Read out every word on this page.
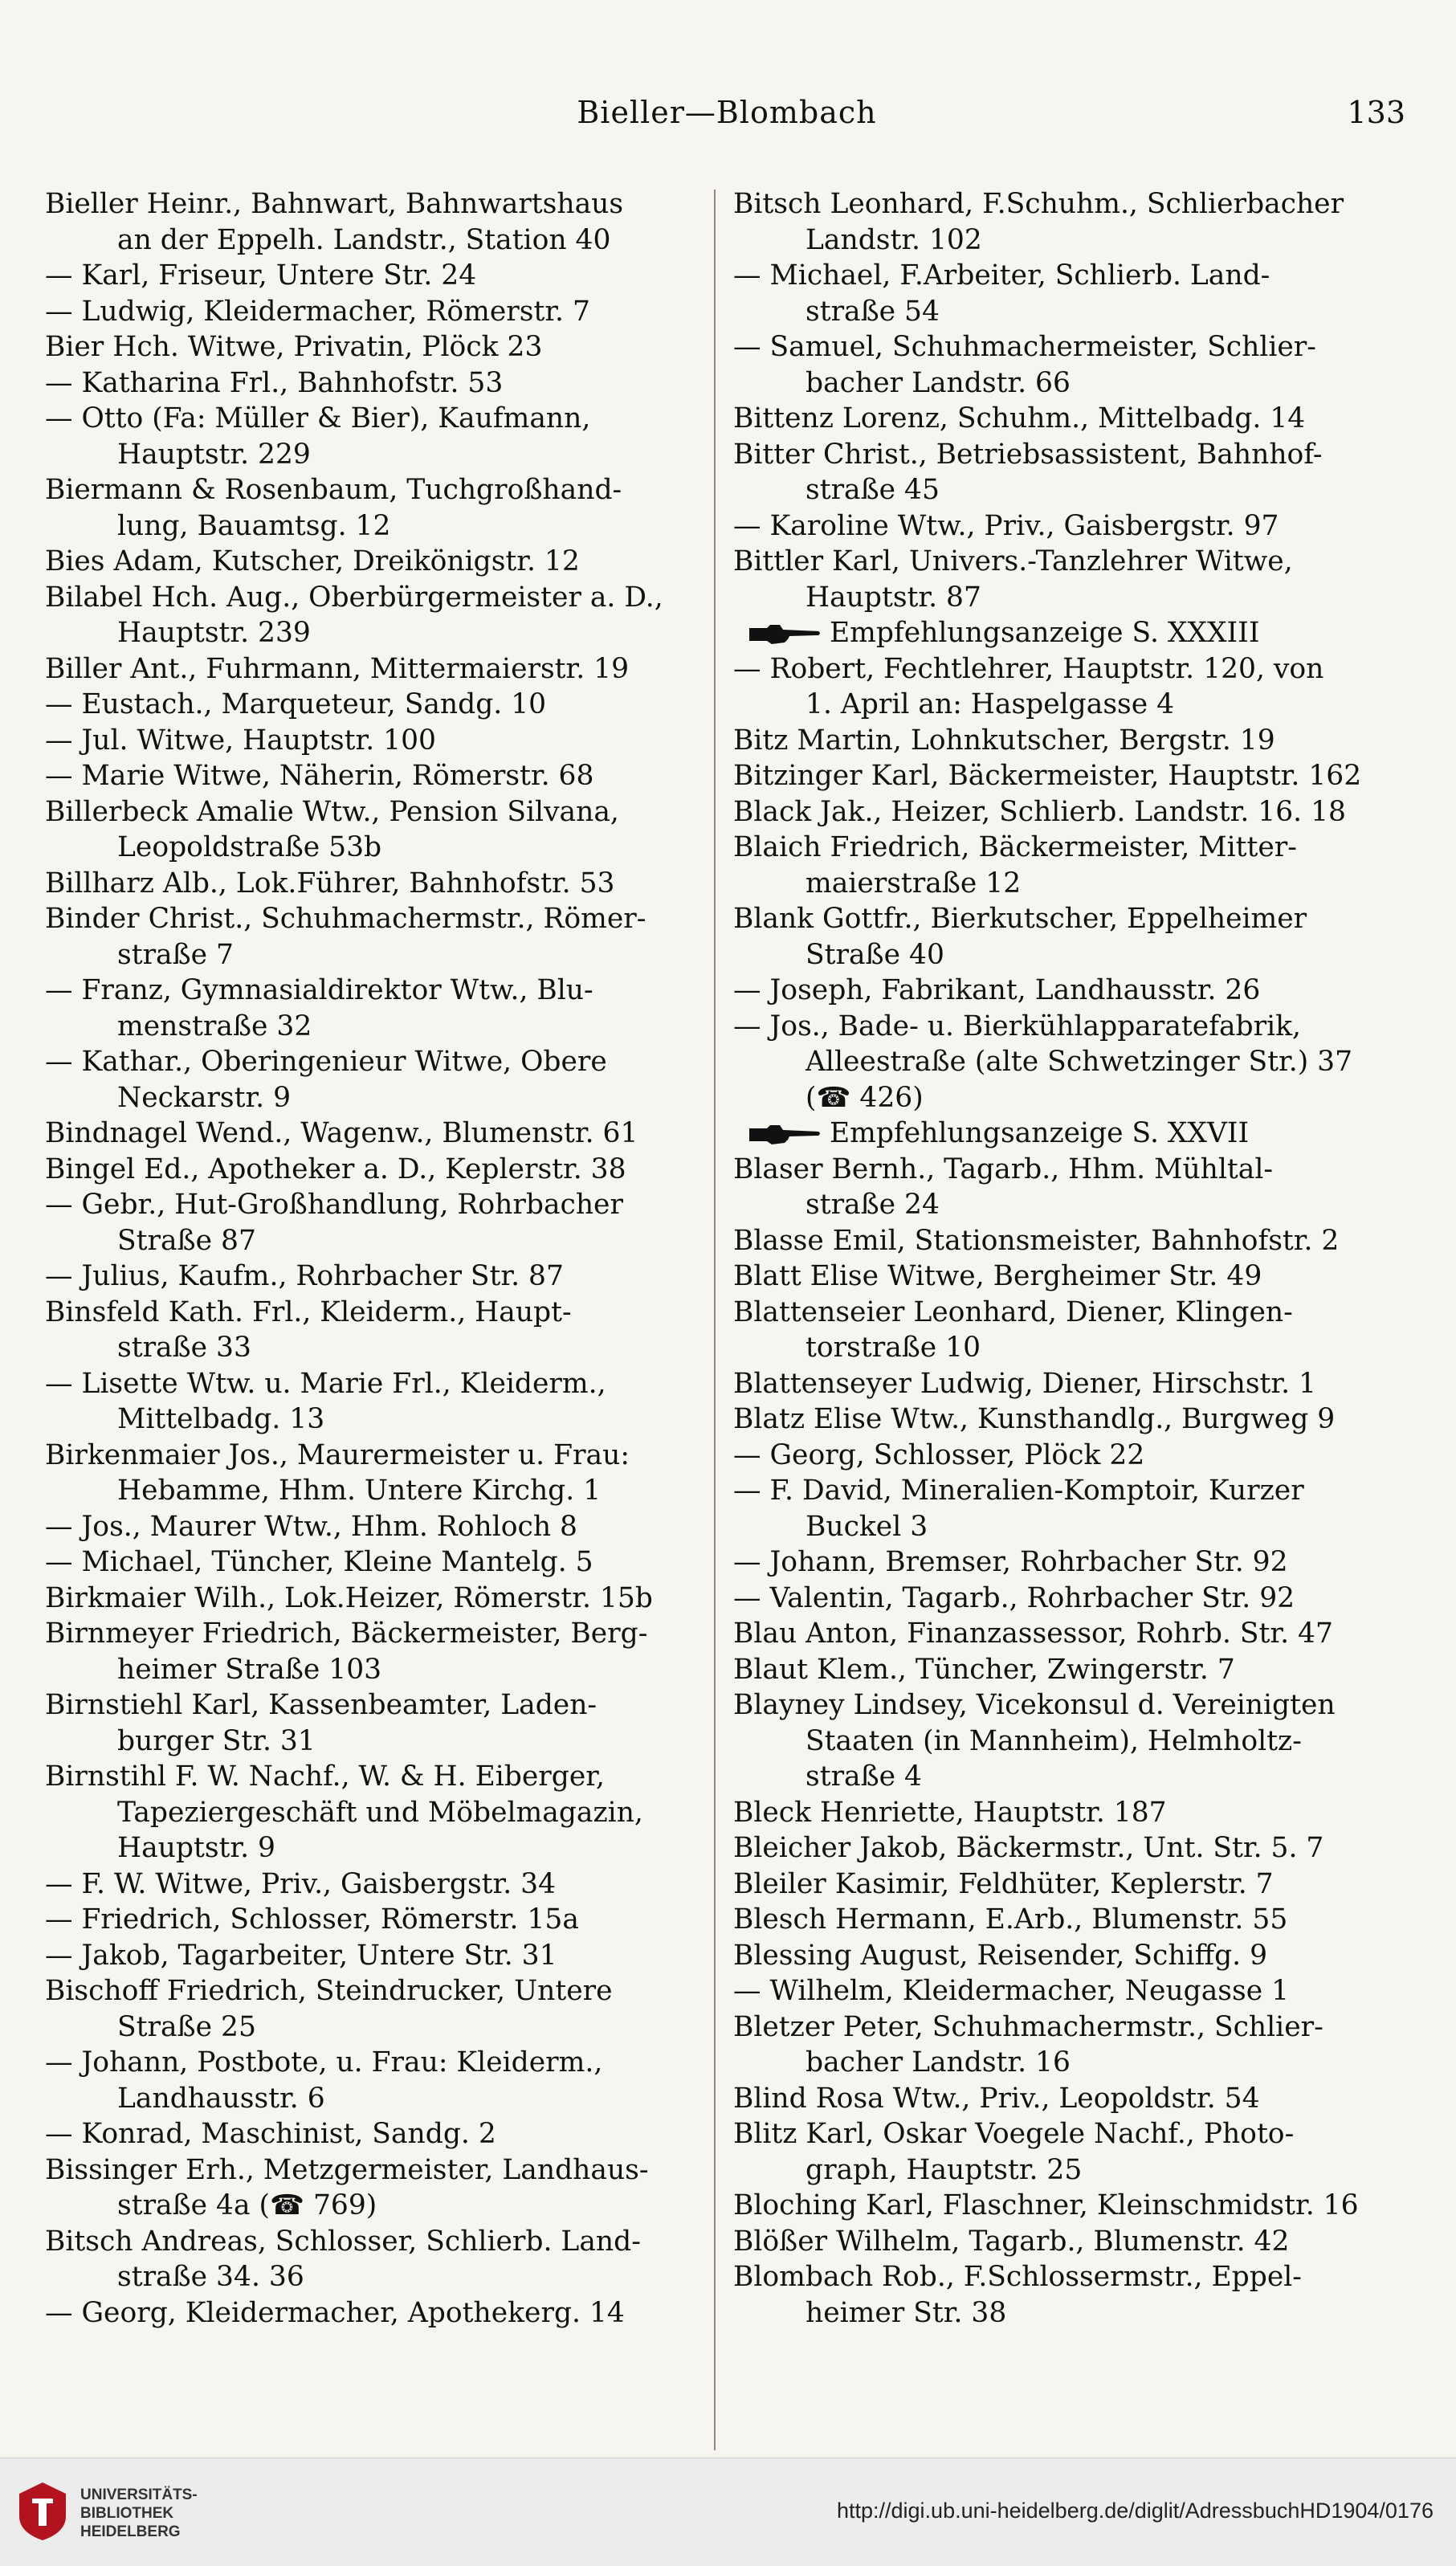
Bieller—Blombach	133
Bieller Heinr., Bahnwart, Bahnwartshaus
an der Eppelh. Landstr., Station 40
— Karl, Friseur, Untere Str. 24
— Ludwig, Kleidermacher, Römerstr. 7
Bier Hch. Witwe, Privatin, Plöck 23
— Katharina Frl., Bahnhofstr. 53
— Otto (Fa: Müller & Bier), Kaufmann,
Hauptstr. 229
Biermann & Rosenbaum, Tuchgroßhand-
lung, Bauamtsg. 12
Bies Adam, Kutscher, Dreikönigstr. 12
Bilabel Hch. Aug., Oberbürgermeister a. D.,
Hauptstr. 239
Biller Ant., Fuhrmann, Mittermaierstr. 19
— Eustach., Marqueteur, Sandg. 10
— Jul. Witwe, Hauptstr. 100
— Marie Witwe, Näherin, Römerstr. 68
Billerbeck Amalie Wtw., Pension Silvana,
Leopoldstraße 53b
Billharz Alb., Lok.Führer, Bahnhofstr. 53
Binder Christ., Schuhmachermstr., Römer-
straße 7
— Franz, Gymnasialdirektor Wtw., Blu-
menstraße 32
— Kathar., Oberingenieur Witwe, Obere
Neckarstr. 9
Bindnagel Wend., Wagenw., Blumenstr. 61
Bingel Ed., Apotheker a. D., Keplerstr. 38
— Gebr., Hut-Großhandlung, Rohrbacher
Straße 87
— Julius, Kaufm., Rohrbacher Str. 87
Binsfeld Kath. Frl., Kleiderm., Haupt-
straße 33
— Lisette Wtw. u. Marie Frl., Kleiderm.,
Mittelbadg. 13
Birkenmaier Jos., Maurermeister u. Frau:
Hebamme, Hhm. Untere Kirchg. 1
— Jos., Maurer Wtw., Hhm. Rohloch 8
— Michael, Tüncher, Kleine Mantelg. 5
Birkmaier Wilh., Lok.Heizer, Römerstr. 15b
Birnmeyer Friedrich, Bäckermeister, Berg-
heimer Straße 103
Birnstiehl Karl, Kassenbeamter, Laden-
burger Str. 31
Birnstihl F. W. Nachf., W. & H. Eiberger,
Tapeziergeschäft und Möbelmagazin,
Hauptstr. 9
— F. W. Witwe, Priv., Gaisbergstr. 34
— Friedrich, Schlosser, Römerstr. 15a
— Jakob, Tagarbeiter, Untere Str. 31
Bischoff Friedrich, Steindrucker, Untere
Straße 25
— Johann, Postbote, u. Frau: Kleiderm.,
Landhausstr. 6
— Konrad, Maschinist, Sandg. 2
Bissinger Erh., Metzgermeister, Landhaus-
straße 4a (☎ 769)
Bitsch Andreas, Schlosser, Schlierb. Land-
straße 34. 36
— Georg, Kleidermacher, Apothekerg. 14
Bitsch Leonhard, F.Schuhm., Schlierbacher
Landstr. 102
— Michael, F.Arbeiter, Schlierb. Land-
straße 54
— Samuel, Schuhmachermeister, Schlier-
bacher Landstr. 66
Bittenz Lorenz, Schuhm., Mittelbadg. 14
Bitter Christ., Betriebsassistent, Bahnhof-
straße 45
— Karoline Wtw., Priv., Gaisbergstr. 97
Bittler Karl, Univers.-Tanzlehrer Witwe,
Hauptstr. 87
Empfehlungsanzeige S. XXXIII
— Robert, Fechtlehrer, Hauptstr. 120, von
1. April an: Haspelgasse 4
Bitz Martin, Lohnkutscher, Bergstr. 19
Bitzinger Karl, Bäckermeister, Hauptstr. 162
Black Jak., Heizer, Schlierb. Landstr. 16. 18
Blaich Friedrich, Bäckermeister, Mitter-
maierstraße 12
Blank Gottfr., Bierkutscher, Eppelheimer
Straße 40
— Joseph, Fabrikant, Landhausstr. 26
— Jos., Bade- u. Bierkühlapparatefabrik,
Alleestraße (alte Schwetzinger Str.) 37
(☎ 426)
Empfehlungsanzeige S. XXVII
Blaser Bernh., Tagarb., Hhm. Mühltal-
straße 24
Blasse Emil, Stationsmeister, Bahnhofstr. 2
Blatt Elise Witwe, Bergheimer Str. 49
Blattenseier Leonhard, Diener, Klingen-
torstraße 10
Blattenseyer Ludwig, Diener, Hirschstr. 1
Blatz Elise Wtw., Kunsthandlg., Burgweg 9
— Georg, Schlosser, Plöck 22
— F. David, Mineralien-Komptoir, Kurzer
Buckel 3
— Johann, Bremser, Rohrbacher Str. 92
— Valentin, Tagarb., Rohrbacher Str. 92
Blau Anton, Finanzassessor, Rohrb. Str. 47
Blaut Klem., Tüncher, Zwingerstr. 7
Blayney Lindsey, Vicekonsul d. Vereinigten
Staaten (in Mannheim), Helmholtz-
straße 4
Bleck Henriette, Hauptstr. 187
Bleicher Jakob, Bäckermstr., Unt. Str. 5. 7
Bleiler Kasimir, Feldhüter, Keplerstr. 7
Blesch Hermann, E.Arb., Blumenstr. 55
Blessing August, Reisender, Schiffg. 9
— Wilhelm, Kleidermacher, Neugasse 1
Bletzer Peter, Schuhmachermstr., Schlier-
bacher Landstr. 16
Blind Rosa Wtw., Priv., Leopoldstr. 54
Blitz Karl, Oskar Voegele Nachf., Photo-
graph, Hauptstr. 25
Bloching Karl, Flaschner, Kleinschmidstr. 16
Blößer Wilhelm, Tagarb., Blumenstr. 42
Blombach Rob., F.Schlossermstr., Eppel-
heimer Str. 38
UNIVERSITÄTS-
BIBLIOTHEK
HEIDELBERG
http://digi.ub.uni-heidelberg.de/diglit/AdressbuchHD1904/0176
